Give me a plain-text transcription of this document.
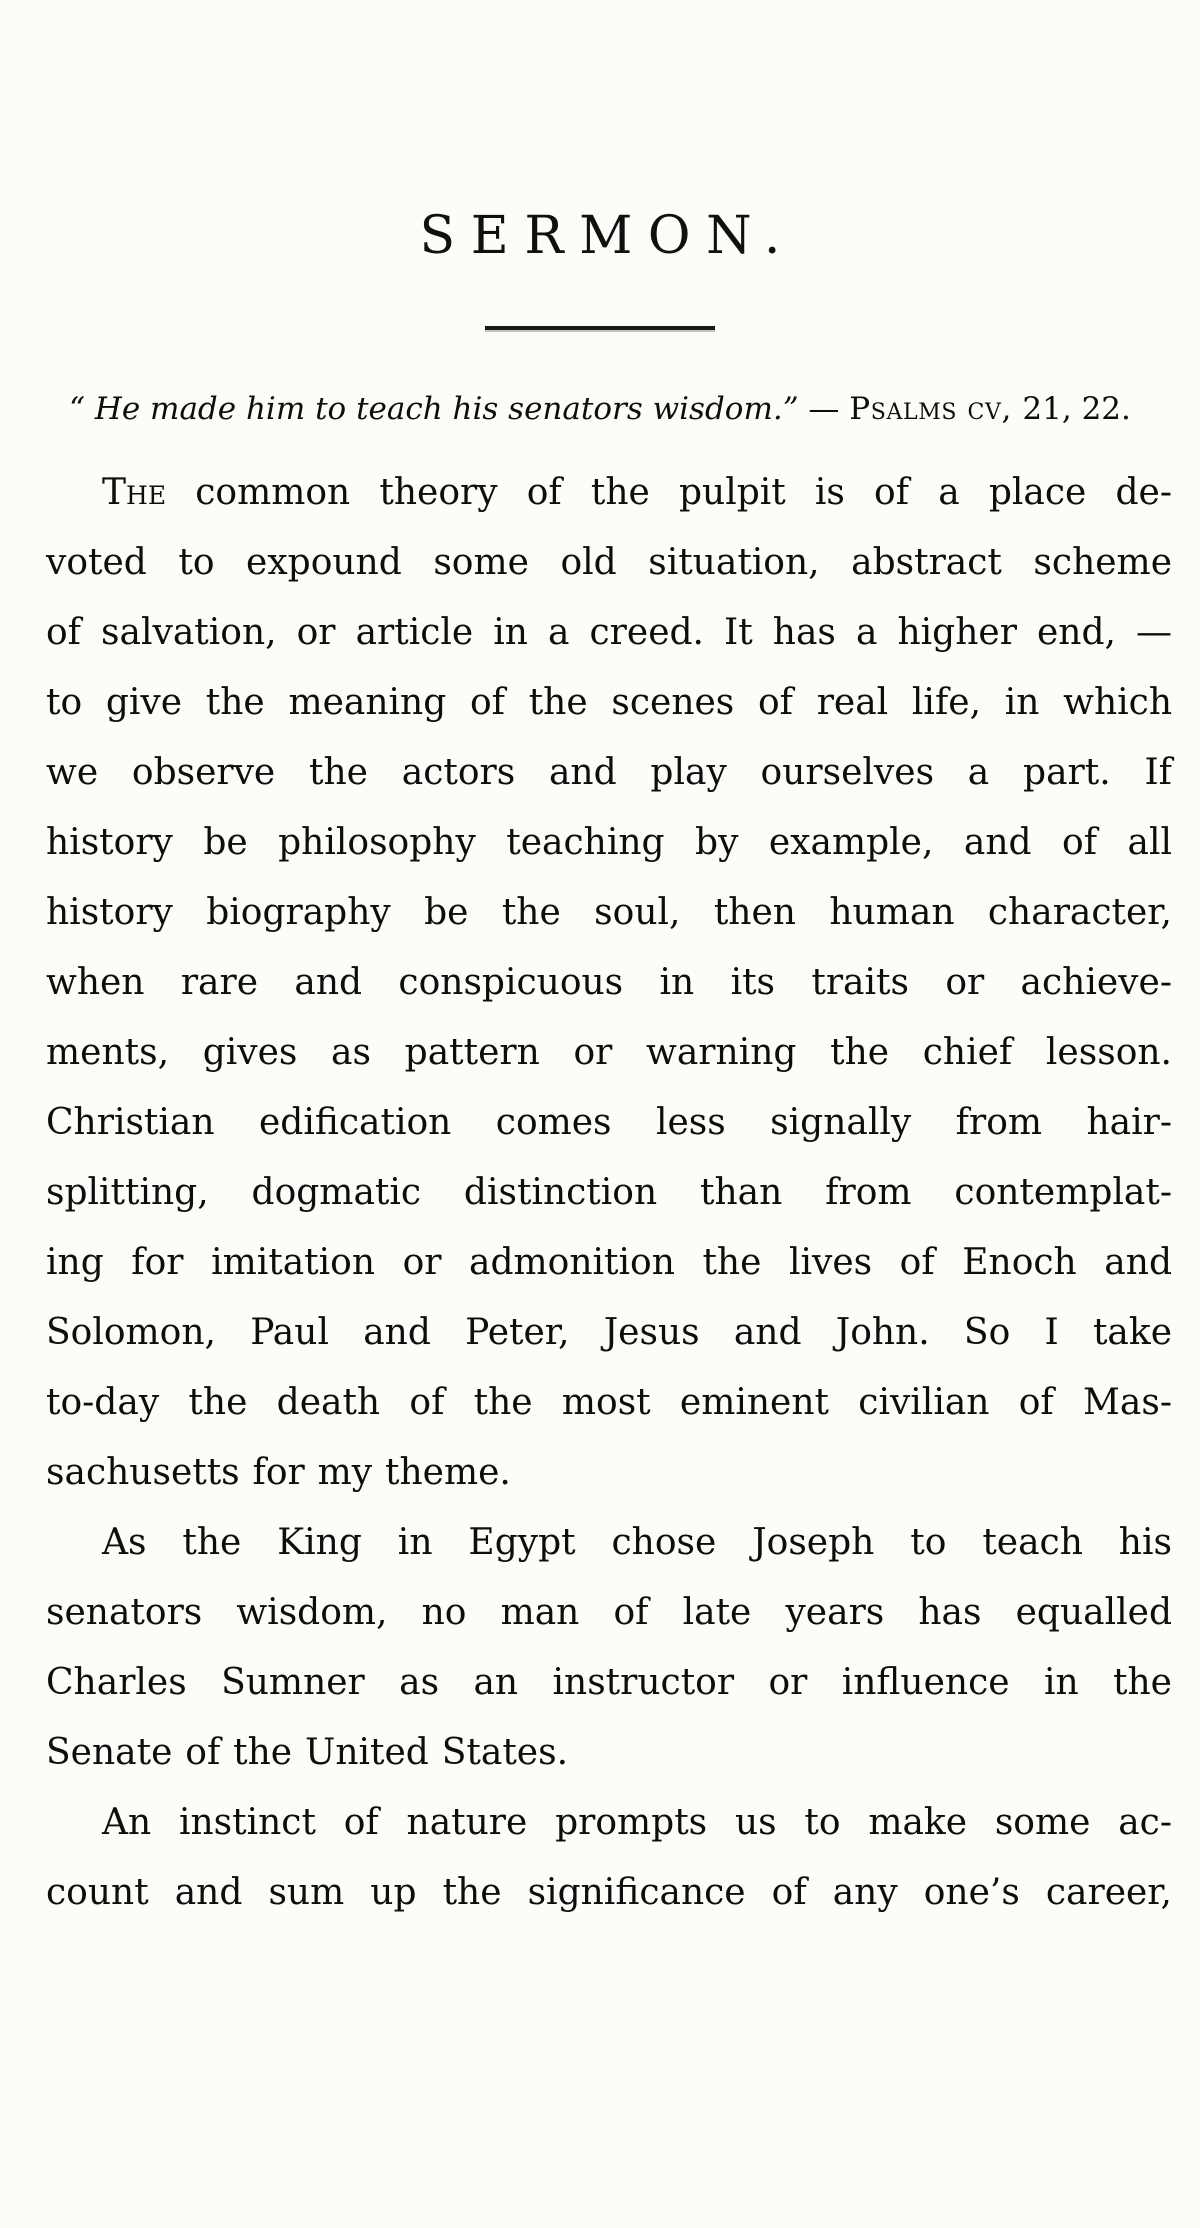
SERMON.

“ He made him to teach his senators wisdom.” — Psalms cv, 21, 22.

The common theory of the pulpit is of a place de-
voted to expound some old situation, abstract scheme
of salvation, or article in a creed. It has a higher end, —
to give the meaning of the scenes of real life, in which
we observe the actors and play ourselves a part. If
history be philosophy teaching by example, and of all
history biography be the soul, then human character,
when rare and conspicuous in its traits or achieve-
ments, gives as pattern or warning the chief lesson.
Christian edification comes less signally from hair-
splitting, dogmatic distinction than from contemplat-
ing for imitation or admonition the lives of Enoch and
Solomon, Paul and Peter, Jesus and John. So I take
to-day the death of the most eminent civilian of Mas-
sachusetts for my theme.
As the King in Egypt chose Joseph to teach his
senators wisdom, no man of late years has equalled
Charles Sumner as an instructor or influence in the
Senate of the United States.
An instinct of nature prompts us to make some ac-
count and sum up the significance of any one’s career,
